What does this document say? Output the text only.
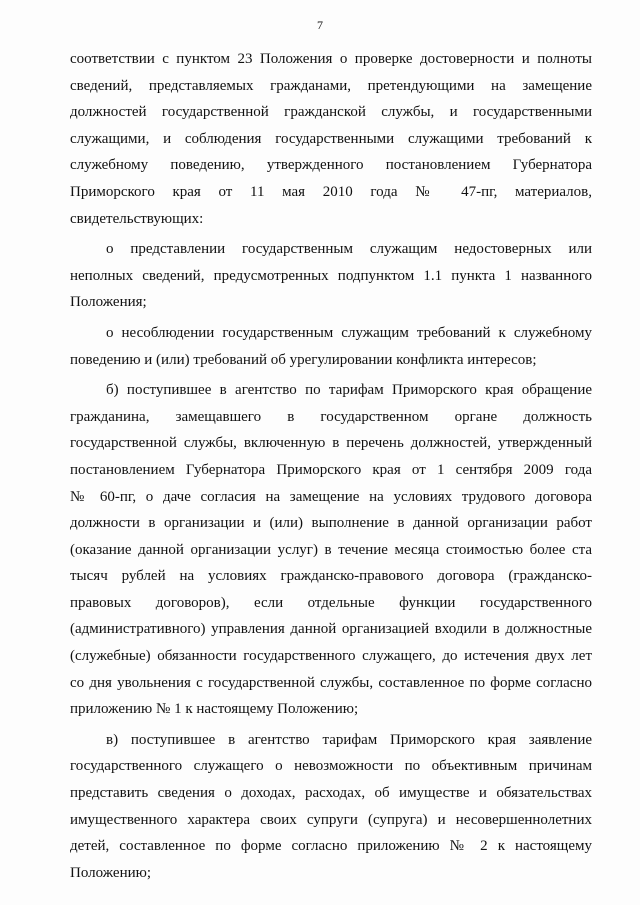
7

соответствии с пунктом 23 Положения о проверке достоверности и полноты
сведений, представляемых гражданами, претендующими на замещение
должностей государственной гражданской службы, и государственными
служащими, и соблюдения государственными служащими требований к
служебному поведению, утвержденного постановлением Губернатора
Приморского края от 11 мая 2010 года № 47-пг, материалов,
свидетельствующих:

о представлении государственным служащим недостоверных или
неполных сведений, предусмотренных подпунктом 1.1 пункта 1 названного
Положения;

о несоблюдении государственным служащим требований к служебному
поведению и (или) требований об урегулировании конфликта интересов;

б) поступившее в агентство по тарифам Приморского края обращение
гражданина, замещавшего в государственном органе должность
государственной службы, включенную в перечень должностей, утвержденный
постановлением Губернатора Приморского края от 1 сентября 2009 года
№ 60-пг, о даче согласия на замещение на условиях трудового договора
должности в организации и (или) выполнение в данной организации работ
(оказание данной организации услуг) в течение месяца стоимостью более ста
тысяч рублей на условиях гражданско-правового договора (гражданско-
правовых договоров), если отдельные функции государственного
(административного) управления данной организацией входили в должностные
(служебные) обязанности государственного служащего, до истечения двух лет
со дня увольнения с государственной службы, составленное по форме согласно
приложению № 1 к настоящему Положению;

в) поступившее в агентство тарифам Приморского края заявление
государственного служащего о невозможности по объективным причинам
представить сведения о доходах, расходах, об имуществе и обязательствах
имущественного характера своих супруги (супруга) и несовершеннолетних
детей, составленное по форме согласно приложению № 2 к настоящему
Положению;
